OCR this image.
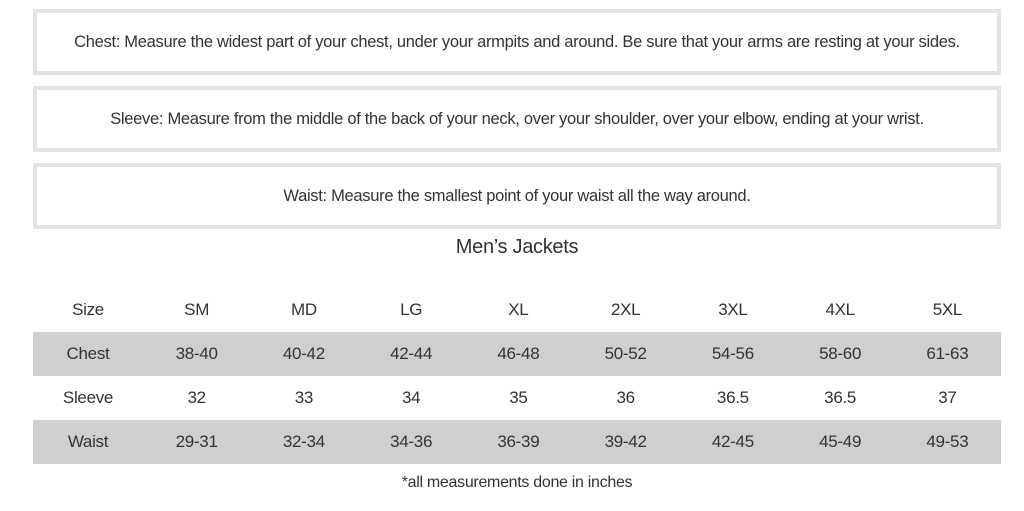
Chest: Measure the widest part of your chest, under your armpits and around. Be sure that your arms are resting at your sides.
Sleeve: Measure from the middle of the back of your neck, over your shoulder, over your elbow, ending at your wrist.
Waist: Measure the smallest point of your waist all the way around.
Men’s Jackets
Size	SM	MD	LG	XL	2XL	3XL	4XL	5XL
Chest	38-40	40-42	42-44	46-48	50-52	54-56	58-60	61-63
Sleeve	32	33	34	35	36	36.5	36.5	37
Waist	29-31	32-34	34-36	36-39	39-42	42-45	45-49	49-53
*all measurements done in inches
